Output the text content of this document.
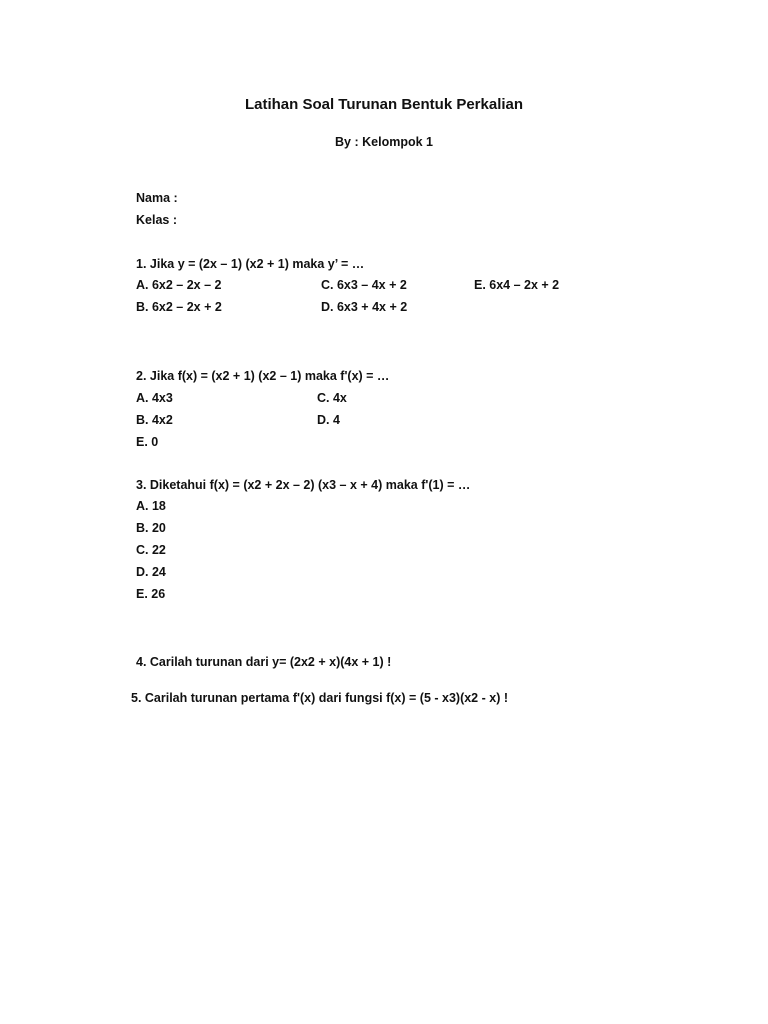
Latihan Soal Turunan Bentuk Perkalian
By : Kelompok 1
Nama :
Kelas :
1. Jika y = (2x – 1) (x2 + 1) maka y’ = …
A. 6x2 – 2x – 2	C. 6x3 – 4x + 2	E. 6x4 – 2x + 2
B. 6x2 – 2x + 2	D. 6x3 + 4x + 2
2. Jika f(x) = (x2 + 1) (x2 – 1) maka f'(x) = …
A. 4x3	C. 4x
B. 4x2	D. 4
E. 0
3. Diketahui f(x) = (x2 + 2x – 2) (x3 – x + 4) maka f'(1) = …
A. 18
B. 20
C. 22
D. 24
E. 26
4. Carilah turunan dari y= (2x2 + x)(4x + 1) !
5. Carilah turunan pertama f'(x) dari fungsi f(x) = (5 - x3)(x2 - x) !
